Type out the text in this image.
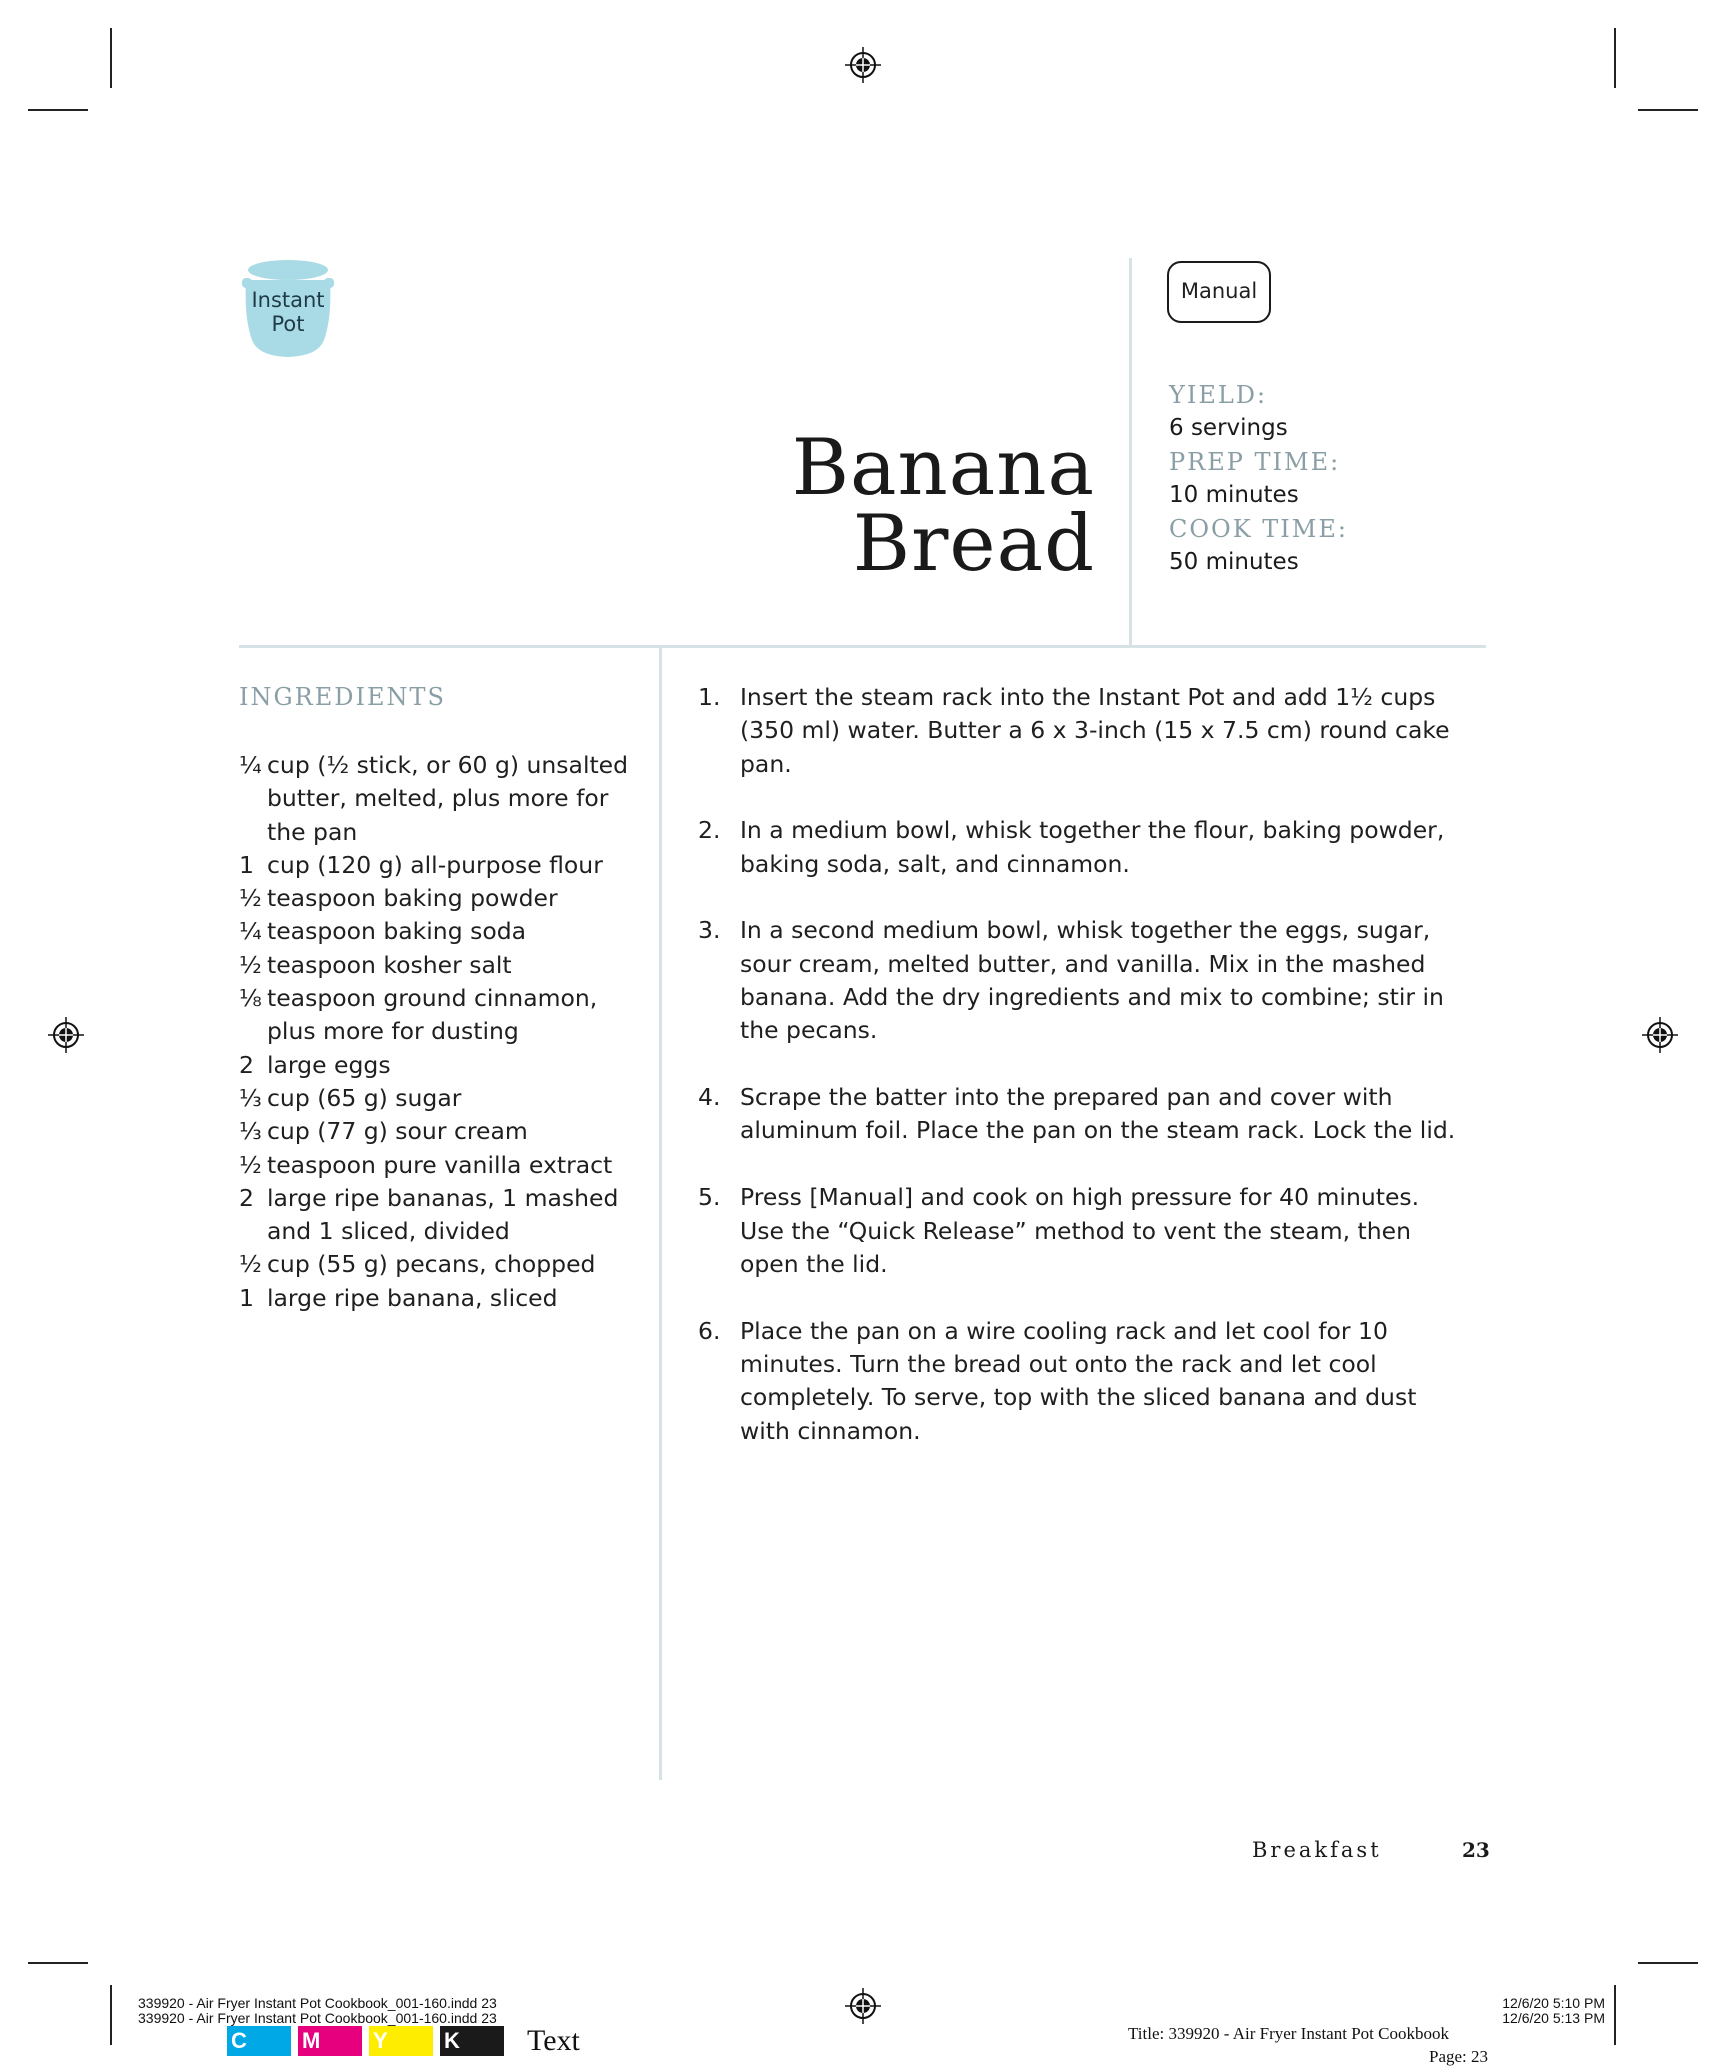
Instant
Pot
Banana
Bread
Manual
YIELD:
6 servings
PREP TIME:
10 minutes
COOK TIME:
50 minutes
INGREDIENTS
¼ cup (½ stick, or 60 g) unsalted butter, melted, plus more for the pan
1 cup (120 g) all-purpose flour
½ teaspoon baking powder
¼ teaspoon baking soda
½ teaspoon kosher salt
⅛ teaspoon ground cinnamon, plus more for dusting
2 large eggs
⅓ cup (65 g) sugar
⅓ cup (77 g) sour cream
½ teaspoon pure vanilla extract
2 large ripe bananas, 1 mashed and 1 sliced, divided
½ cup (55 g) pecans, chopped
1 large ripe banana, sliced
1. Insert the steam rack into the Instant Pot and add 1½ cups (350 ml) water. Butter a 6 x 3-inch (15 x 7.5 cm) round cake pan.
2. In a medium bowl, whisk together the flour, baking powder, baking soda, salt, and cinnamon.
3. In a second medium bowl, whisk together the eggs, sugar, sour cream, melted butter, and vanilla. Mix in the mashed banana. Add the dry ingredients and mix to combine; stir in the pecans.
4. Scrape the batter into the prepared pan and cover with aluminum foil. Place the pan on the steam rack. Lock the lid.
5. Press [Manual] and cook on high pressure for 40 minutes. Use the “Quick Release” method to vent the steam, then open the lid.
6. Place the pan on a wire cooling rack and let cool for 10 minutes. Turn the bread out onto the rack and let cool completely. To serve, top with the sliced banana and dust with cinnamon.
Breakfast	23
339920 - Air Fryer Instant Pot Cookbook_001-160.indd 23
339920 - Air Fryer Instant Pot Cookbook_001-160.indd 23
12/6/20 5:10 PM
12/6/20 5:13 PM
Title: 339920 - Air Fryer Instant Pot Cookbook
Page: 23
C	M	Y	K	Text
